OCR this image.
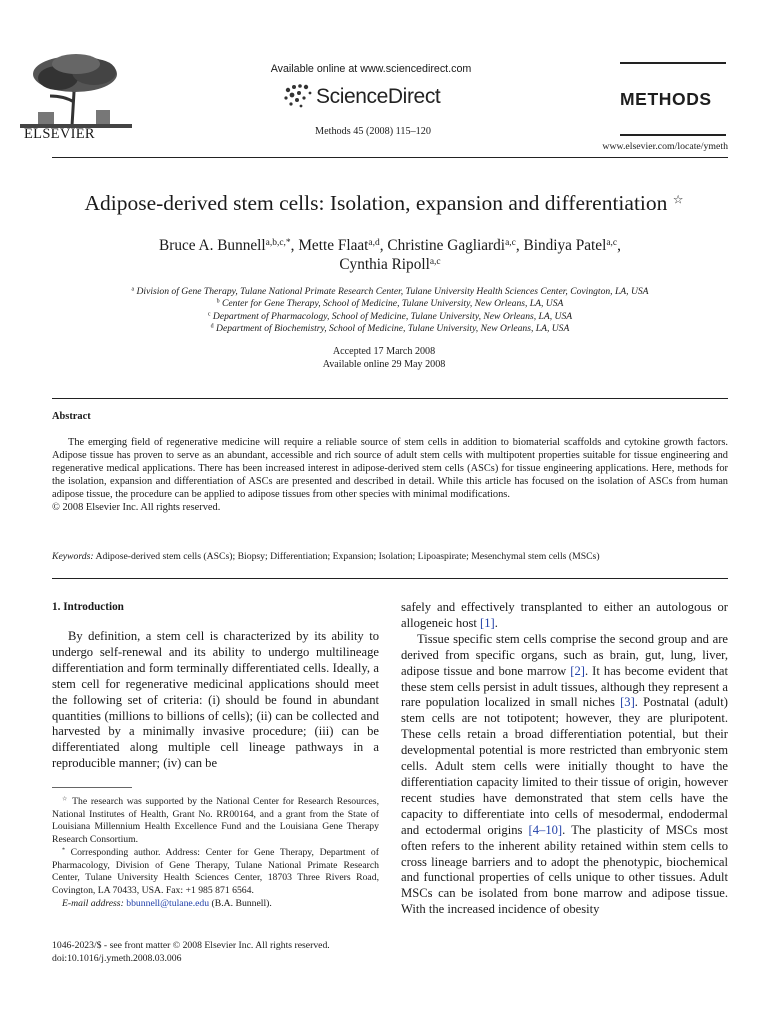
ELSEVIER
Available online at www.sciencedirect.com
ScienceDirect
Methods 45 (2008) 115–120
METHODS
www.elsevier.com/locate/ymeth
Adipose-derived stem cells: Isolation, expansion and differentiation ☆
Bruce A. Bunnell$^{a,b,c,*}$, Mette Flaat$^{a,d}$, Christine Gagliardi$^{a,c}$, Bindiya Patel$^{a,c}$,
Cynthia Ripoll$^{a,c}$
$^a$ Division of Gene Therapy, Tulane National Primate Research Center, Tulane University Health Sciences Center, Covington, LA, USA
$^b$ Center for Gene Therapy, School of Medicine, Tulane University, New Orleans, LA, USA
$^c$ Department of Pharmacology, School of Medicine, Tulane University, New Orleans, LA, USA
$^d$ Department of Biochemistry, School of Medicine, Tulane University, New Orleans, LA, USA
Accepted 17 March 2008
Available online 29 May 2008
Abstract
The emerging field of regenerative medicine will require a reliable source of stem cells in addition to biomaterial scaffolds and cytokine growth factors. Adipose tissue has proven to serve as an abundant, accessible and rich source of adult stem cells with multipotent properties suitable for tissue engineering and regenerative medical applications. There has been increased interest in adipose-derived stem cells (ASCs) for tissue engineering applications. Here, methods for the isolation, expansion and differentiation of ASCs are presented and described in detail. While this article has focused on the isolation of ASCs from human adipose tissue, the procedure can be applied to adipose tissues from other species with minimal modifications.
© 2008 Elsevier Inc. All rights reserved.
Keywords: Adipose-derived stem cells (ASCs); Biopsy; Differentiation; Expansion; Isolation; Lipoaspirate; Mesenchymal stem cells (MSCs)
1. Introduction

By definition, a stem cell is characterized by its ability to undergo self-renewal and its ability to undergo multilineage differentiation and form terminally differentiated cells. Ideally, a stem cell for regenerative medicinal applications should meet the following set of criteria: (i) should be found in abundant quantities (millions to billions of cells); (ii) can be collected and harvested by a minimally invasive procedure; (iii) can be differentiated along multiple cell lineage pathways in a reproducible manner; (iv) can be

☆ The research was supported by the National Center for Research Resources, National Institutes of Health, Grant No. RR00164, and a grant from the State of Louisiana Millennium Health Excellence Fund and the Louisiana Gene Therapy Research Consortium.

* Corresponding author. Address: Center for Gene Therapy, Department of Pharmacology, Division of Gene Therapy, Tulane National Primate Research Center, Tulane University Health Sciences Center, 18703 Three Rivers Road, Covington, LA 70433, USA. Fax: +1 985 871 6564.

E-mail address: bbunnell@tulane.edu (B.A. Bunnell).

1046-2023/$ - see front matter © 2008 Elsevier Inc. All rights reserved.
doi:10.1016/j.ymeth.2008.03.006

safely and effectively transplanted to either an autologous or allogeneic host [1].

Tissue specific stem cells comprise the second group and are derived from specific organs, such as brain, gut, lung, liver, adipose tissue and bone marrow [2]. It has become evident that these stem cells persist in adult tissues, although they represent a rare population localized in small niches [3]. Postnatal (adult) stem cells are not totipotent; however, they are pluripotent. These cells retain a broad differentiation potential, but their developmental potential is more restricted than embryonic stem cells. Adult stem cells were initially thought to have the differentiation capacity limited to their tissue of origin, however recent studies have demonstrated that stem cells have the capacity to differentiate into cells of mesodermal, endodermal and ectodermal origins [4–10]. The plasticity of MSCs most often refers to the inherent ability retained within stem cells to cross lineage barriers and to adopt the phenotypic, biochemical and functional properties of cells unique to other tissues. Adult MSCs can be isolated from bone marrow and adipose tissue. With the increased incidence of obesity
